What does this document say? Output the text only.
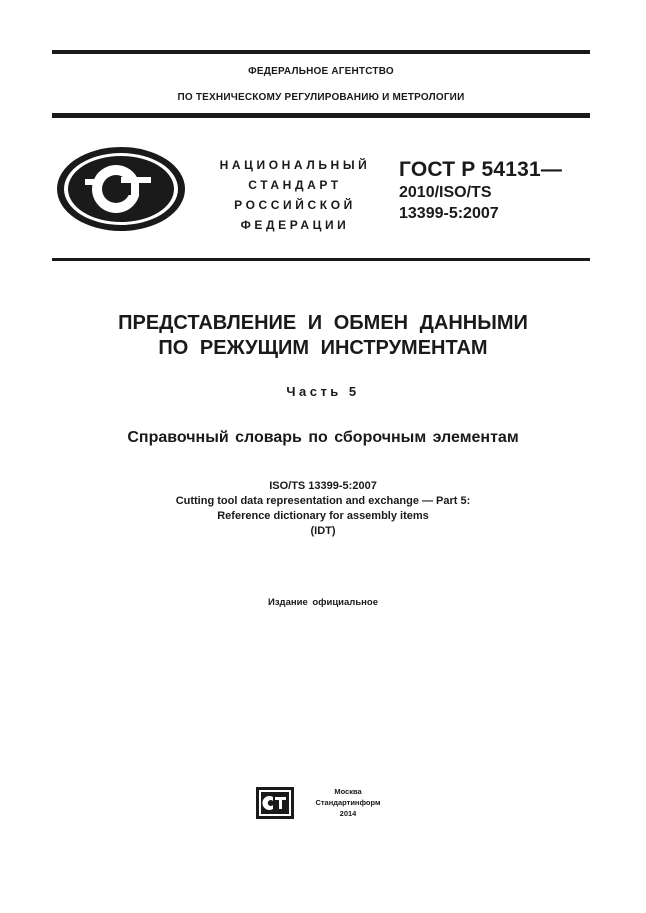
ФЕДЕРАЛЬНОЕ АГЕНТСТВО
ПО ТЕХНИЧЕСКОМУ РЕГУЛИРОВАНИЮ И МЕТРОЛОГИИ
НАЦИОНАЛЬНЫЙ
СТАНДАРТ
РОССИЙСКОЙ
ФЕДЕРАЦИИ
ГОСТ Р 54131—
2010/ISO/TS
13399-5:2007
ПРЕДСТАВЛЕНИЕ И ОБМЕН ДАННЫМИ
ПО РЕЖУЩИМ ИНСТРУМЕНТАМ
Часть 5
Справочный словарь по сборочным элементам
ISO/TS 13399-5:2007
Cutting tool data representation and exchange — Part 5:
Reference dictionary for assembly items
(IDT)
Издание официальное
Москва
Стандартинформ
2014
